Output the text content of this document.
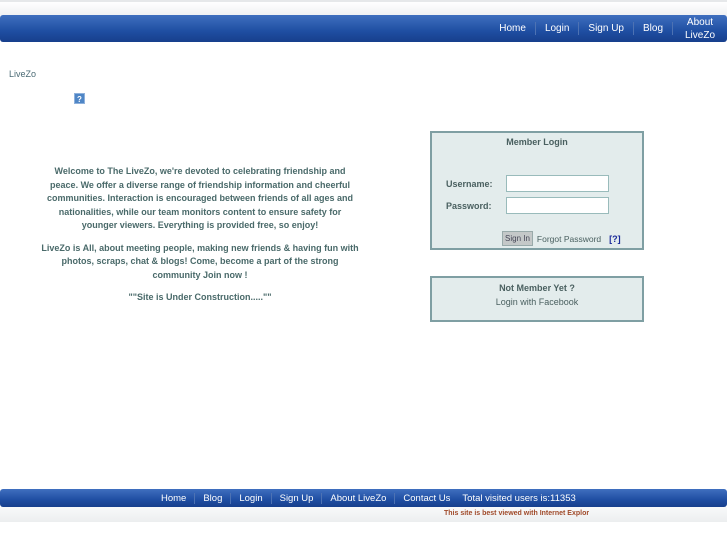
Home	Login	Sign Up	Blog
About LiveZo
LiveZo
?

Welcome to The LiveZo, we're devoted to celebrating friendship and peace. We offer a diverse range of friendship information and cheerful communities. Interaction is encouraged between friends of all ages and nationalities, while our team monitors content to ensure safety for younger viewers. Everything is provided free, so enjoy!

LiveZo is All, about meeting people, making new friends & having fun with photos, scraps, chat & blogs! Come, become a part of the strong community Join now !

""Site is Under Construction.....""

Member Login
Username:
Password:
Sign In Forgot Password [?]
Not Member Yet ?
Login with Facebook
Home	Blog	Login	Sign Up	About LiveZo	Contact Us	Total visited users is:11353
This site is best viewed with Internet Explor
